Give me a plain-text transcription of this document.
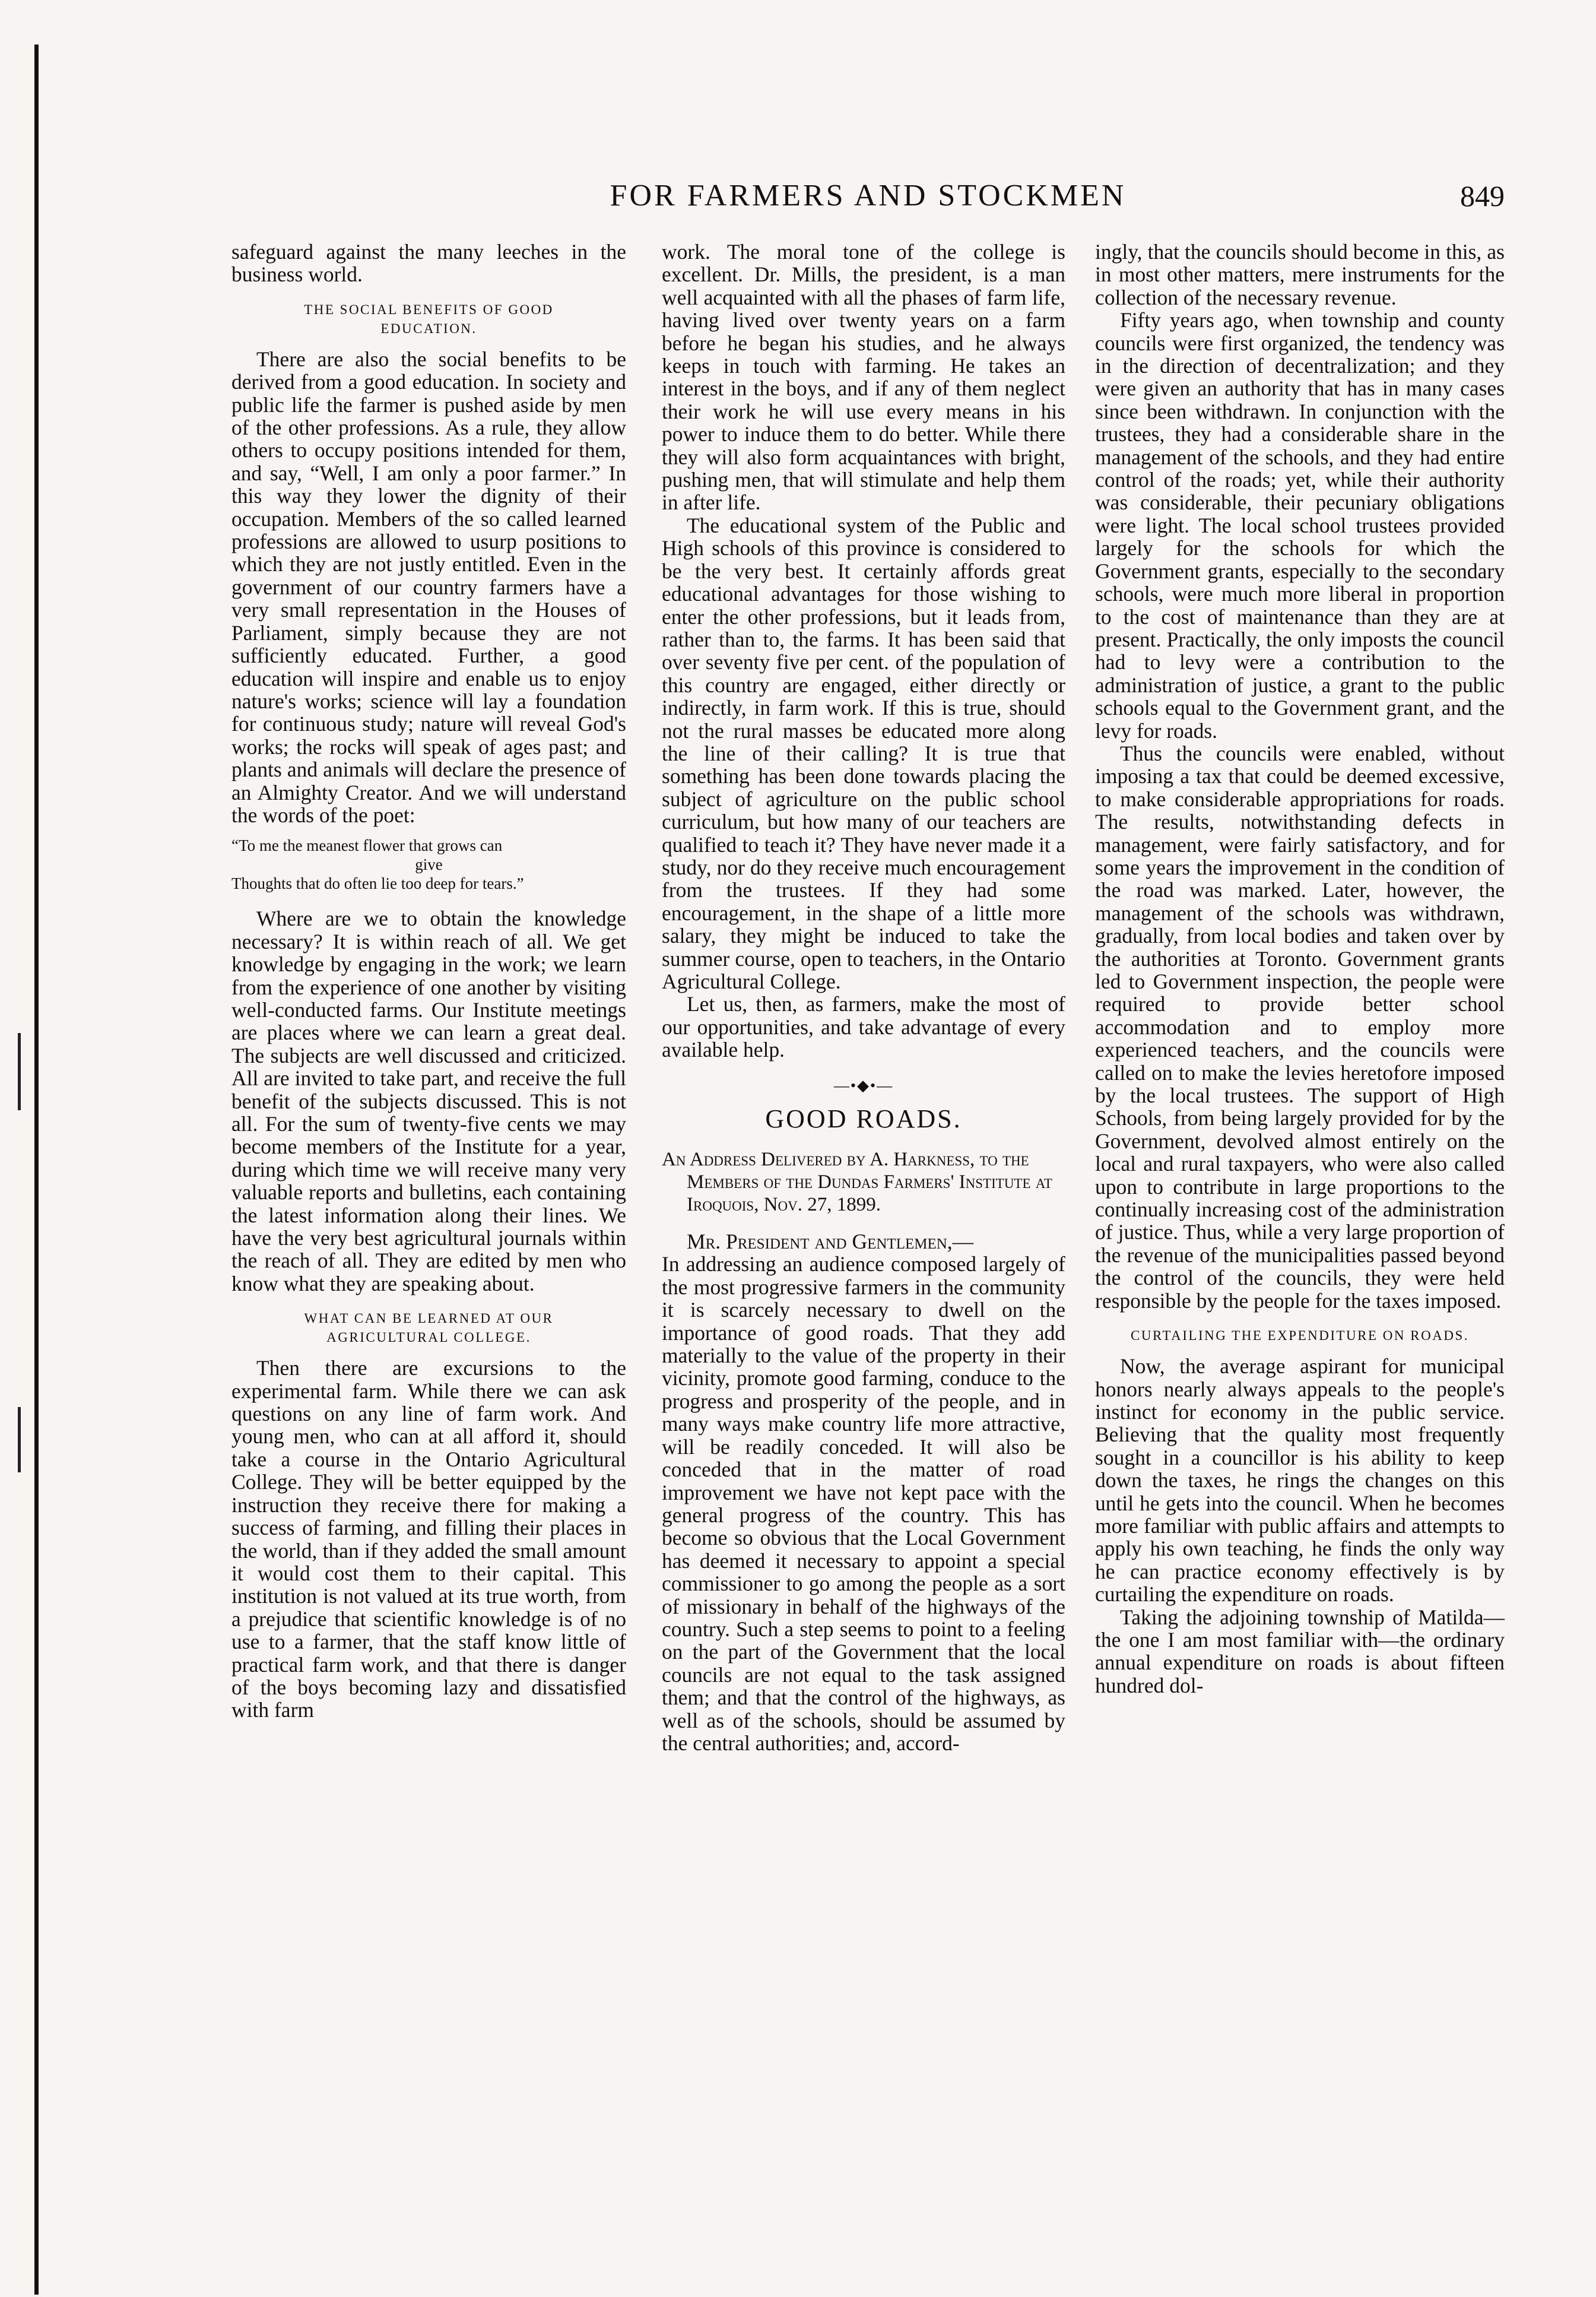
FOR FARMERS AND STOCKMEN	849

safeguard against the many leeches in the business world.

THE SOCIAL BENEFITS OF GOOD EDUCATION.

There are also the social benefits to be derived from a good education. In society and public life the farmer is pushed aside by men of the other professions. As a rule, they allow others to occupy positions intended for them, and say, “Well, I am only a poor farmer.” In this way they lower the dignity of their occupation. Members of the so called learned professions are allowed to usurp positions to which they are not justly entitled. Even in the government of our country farmers have a very small representation in the Houses of Parliament, simply because they are not sufficiently educated. Further, a good education will inspire and enable us to enjoy nature's works; science will lay a foundation for continuous study; nature will reveal God's works; the rocks will speak of ages past; and plants and animals will declare the presence of an Almighty Creator. And we will understand the words of the poet:

“To me the meanest flower that grows can
give
Thoughts that do often lie too deep for tears.”

Where are we to obtain the knowledge necessary? It is within reach of all. We get knowledge by engaging in the work; we learn from the experience of one another by visiting well-conducted farms. Our Institute meetings are places where we can learn a great deal. The subjects are well discussed and criticized. All are invited to take part, and receive the full benefit of the subjects discussed. This is not all. For the sum of twenty-five cents we may become members of the Institute for a year, during which time we will receive many very valuable reports and bulletins, each containing the latest information along their lines. We have the very best agricultural journals within the reach of all. They are edited by men who know what they are speaking about.

WHAT CAN BE LEARNED AT OUR AGRICULTURAL COLLEGE.

Then there are excursions to the experimental farm. While there we can ask questions on any line of farm work. And young men, who can at all afford it, should take a course in the Ontario Agricultural College. They will be better equipped by the instruction they receive there for making a success of farming, and filling their places in the world, than if they added the small amount it would cost them to their capital. This institution is not valued at its true worth, from a prejudice that scientific knowledge is of no use to a farmer, that the staff know little of practical farm work, and that there is danger of the boys becoming lazy and dissatisfied with farm

work. The moral tone of the college is excellent. Dr. Mills, the president, is a man well acquainted with all the phases of farm life, having lived over twenty years on a farm before he began his studies, and he always keeps in touch with farming. He takes an interest in the boys, and if any of them neglect their work he will use every means in his power to induce them to do better. While there they will also form acquaintances with bright, pushing men, that will stimulate and help them in after life.

The educational system of the Public and High schools of this province is considered to be the very best. It certainly affords great educational advantages for those wishing to enter the other professions, but it leads from, rather than to, the farms. It has been said that over seventy five per cent. of the population of this country are engaged, either directly or indirectly, in farm work. If this is true, should not the rural masses be educated more along the line of their calling? It is true that something has been done towards placing the subject of agriculture on the public school curriculum, but how many of our teachers are qualified to teach it? They have never made it a study, nor do they receive much encouragement from the trustees. If they had some encouragement, in the shape of a little more salary, they might be induced to take the summer course, open to teachers, in the Ontario Agricultural College.

Let us, then, as farmers, make the most of our opportunities, and take advantage of every available help.

—•◆•—
GOOD ROADS.
An Address Delivered by A. Harkness, to the Members of the Dundas Farmers' Institute at Iroquois, Nov. 27, 1899.

Mr. President and Gentlemen,—

In addressing an audience composed largely of the most progressive farmers in the community it is scarcely necessary to dwell on the importance of good roads. That they add materially to the value of the property in their vicinity, promote good farming, conduce to the progress and prosperity of the people, and in many ways make country life more attractive, will be readily conceded. It will also be conceded that in the matter of road improvement we have not kept pace with the general progress of the country. This has become so obvious that the Local Government has deemed it necessary to appoint a special commissioner to go among the people as a sort of missionary in behalf of the highways of the country. Such a step seems to point to a feeling on the part of the Government that the local councils are not equal to the task assigned them; and that the control of the highways, as well as of the schools, should be assumed by the central authorities; and, accord-

ingly, that the councils should become in this, as in most other matters, mere instruments for the collection of the necessary revenue.

Fifty years ago, when township and county councils were first organized, the tendency was in the direction of decentralization; and they were given an authority that has in many cases since been withdrawn. In conjunction with the trustees, they had a considerable share in the management of the schools, and they had entire control of the roads; yet, while their authority was considerable, their pecuniary obligations were light. The local school trustees provided largely for the schools for which the Government grants, especially to the secondary schools, were much more liberal in proportion to the cost of maintenance than they are at present. Practically, the only imposts the council had to levy were a contribution to the administration of justice, a grant to the public schools equal to the Government grant, and the levy for roads.

Thus the councils were enabled, without imposing a tax that could be deemed excessive, to make considerable appropriations for roads. The results, notwithstanding defects in management, were fairly satisfactory, and for some years the improvement in the condition of the road was marked. Later, however, the management of the schools was withdrawn, gradually, from local bodies and taken over by the authorities at Toronto. Government grants led to Government inspection, the people were required to provide better school accommodation and to employ more experienced teachers, and the councils were called on to make the levies heretofore imposed by the local trustees. The support of High Schools, from being largely provided for by the Government, devolved almost entirely on the local and rural taxpayers, who were also called upon to contribute in large proportions to the continually increasing cost of the administration of justice. Thus, while a very large proportion of the revenue of the municipalities passed beyond the control of the councils, they were held responsible by the people for the taxes imposed.

CURTAILING THE EXPENDITURE ON ROADS.

Now, the average aspirant for municipal honors nearly always appeals to the people's instinct for economy in the public service. Believing that the quality most frequently sought in a councillor is his ability to keep down the taxes, he rings the changes on this until he gets into the council. When he becomes more familiar with public affairs and attempts to apply his own teaching, he finds the only way he can practice economy effectively is by curtailing the expenditure on roads.

Taking the adjoining township of Matilda—the one I am most familiar with—the ordinary annual expenditure on roads is about fifteen hundred dol-
